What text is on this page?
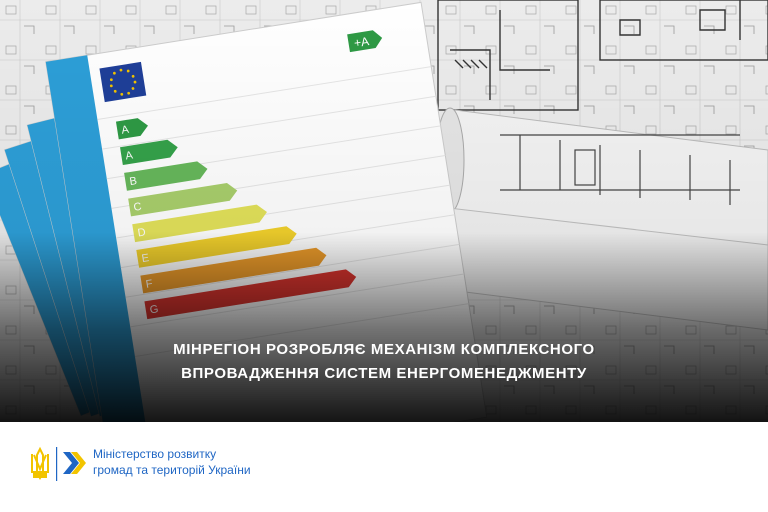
МІНРЕГІОН РОЗРОБЛЯЄ МЕХАНІЗМ КОМПЛЕКСНОГО
ВПРОВАДЖЕННЯ СИСТЕМ ЕНЕРГОМЕНЕДЖМЕНТУ
Міністерство розвитку
громад та територій України
